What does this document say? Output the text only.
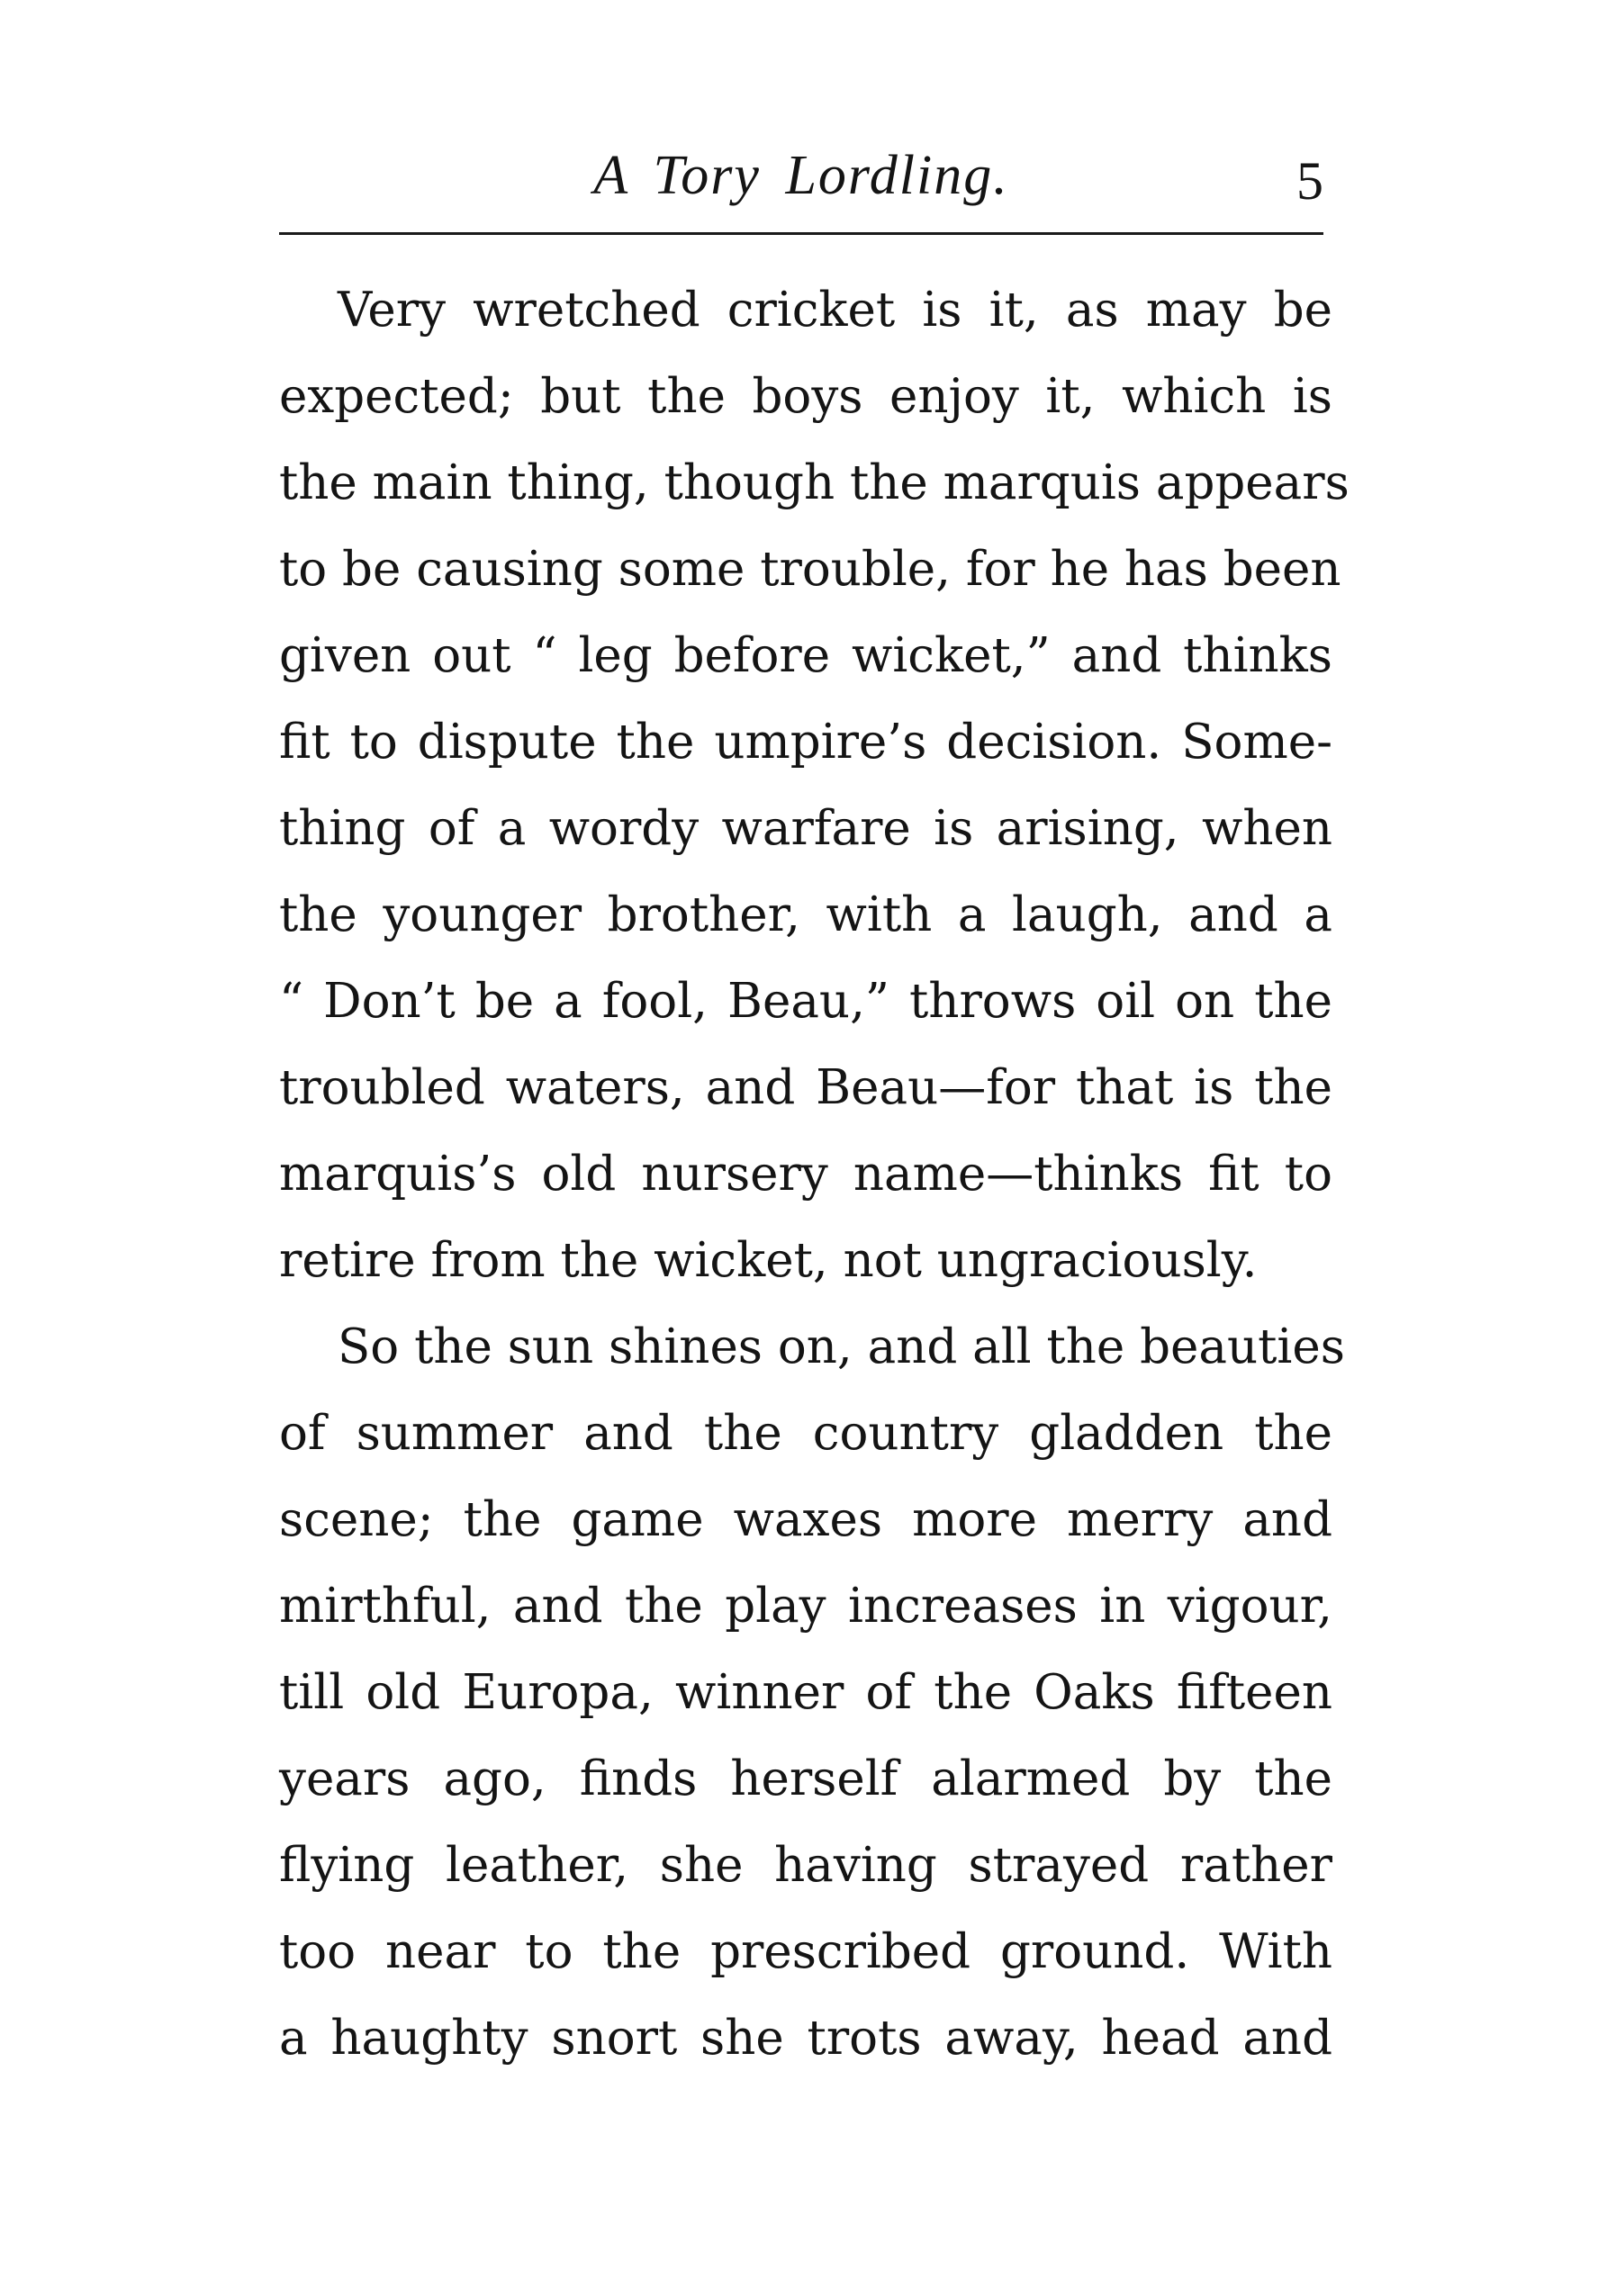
A Tory Lordling.	5
Very wretched cricket is it, as may be
expected; but the boys enjoy it, which is
the main thing, though the marquis appears
to be causing some trouble, for he has been
given out “ leg before wicket,” and thinks
fit to dispute the umpire’s decision. Some-
thing of a wordy warfare is arising, when
the younger brother, with a laugh, and a
“ Don’t be a fool, Beau,” throws oil on the
troubled waters, and Beau—for that is the
marquis’s old nursery name—thinks fit to
retire from the wicket, not ungraciously.
So the sun shines on, and all the beauties
of summer and the country gladden the
scene; the game waxes more merry and
mirthful, and the play increases in vigour,
till old Europa, winner of the Oaks fifteen
years ago, finds herself alarmed by the
flying leather, she having strayed rather
too near to the prescribed ground. With
a haughty snort she trots away, head and
